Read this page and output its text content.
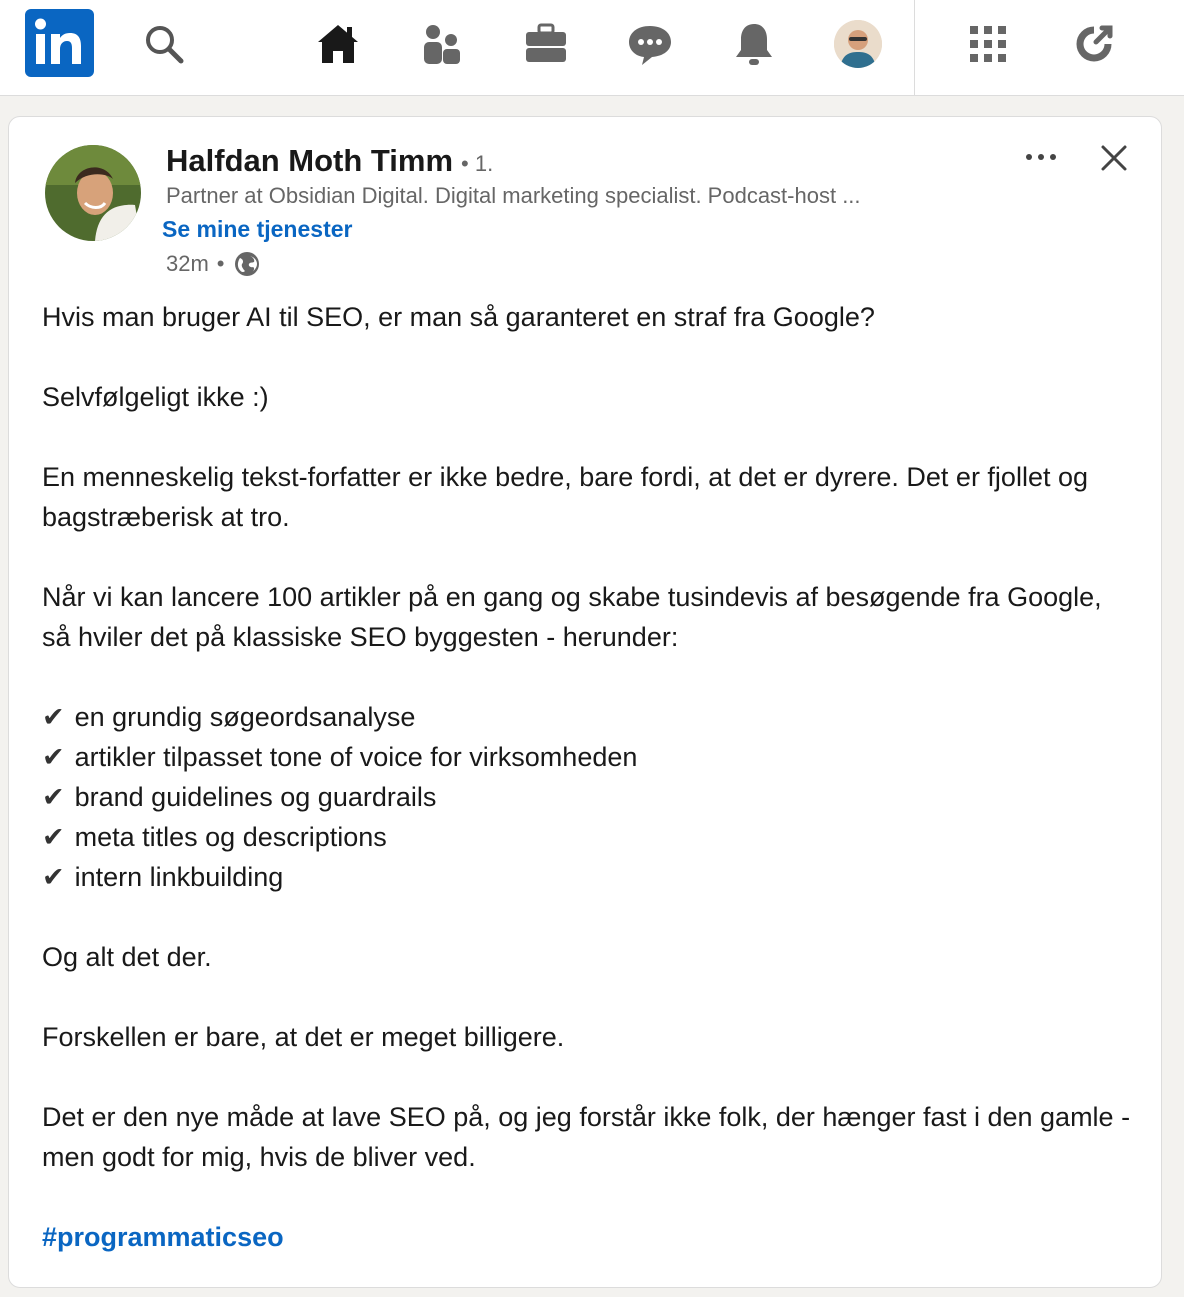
Halfdan Moth Timm • 1.
Partner at Obsidian Digital. Digital marketing specialist. Podcast-host ...
Se mine tjenester
32m •

Hvis man bruger AI til SEO, er man så garanteret en straf fra Google?

Selvfølgeligt ikke :)

En menneskelig tekst-forfatter er ikke bedre, bare fordi, at det er dyrere. Det er fjollet og bagstræberisk at tro.

Når vi kan lancere 100 artikler på en gang og skabe tusindevis af besøgende fra Google, så hviler det på klassiske SEO byggesten - herunder:

✔ en grundig søgeordsanalyse
✔ artikler tilpasset tone of voice for virksomheden
✔ brand guidelines og guardrails
✔ meta titles og descriptions
✔ intern linkbuilding

Og alt det der.

Forskellen er bare, at det er meget billigere.

Det er den nye måde at lave SEO på, og jeg forstår ikke folk, der hænger fast i den gamle - men godt for mig, hvis de bliver ved.

#programmaticseo
